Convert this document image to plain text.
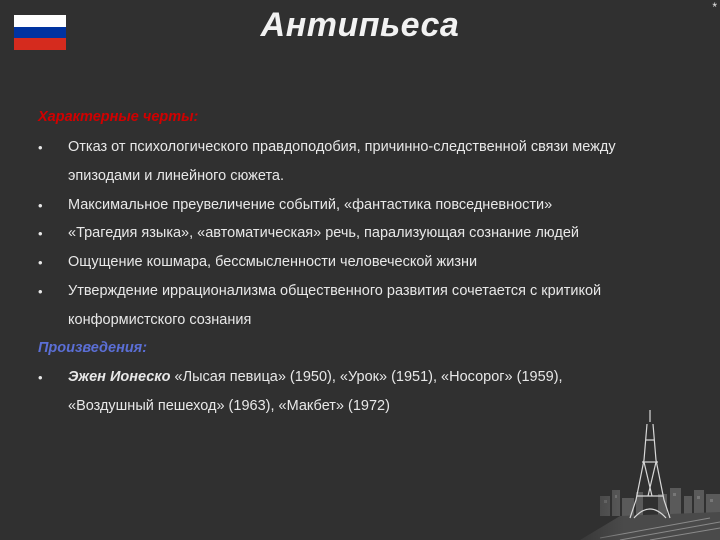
Антипьеса	*
Характерные черты:
• Отказ от психологического правдоподобия, причинно-следственной связи между
эпизодами и линейного сюжета.
• Максимальное преувеличение событий, «фантастика повседневности»
• «Трагедия языка», «автоматическая» речь, парализующая сознание людей
• Ощущение кошмара, бессмысленности человеческой жизни
• Утверждение иррационализма общественного развития сочетается с критикой
конформистского сознания
Произведения:
• Эжен Ионеско «Лысая певица» (1950), «Урок» (1951), «Носорог» (1959),
«Воздушный пешеход» (1963), «Макбет» (1972)
